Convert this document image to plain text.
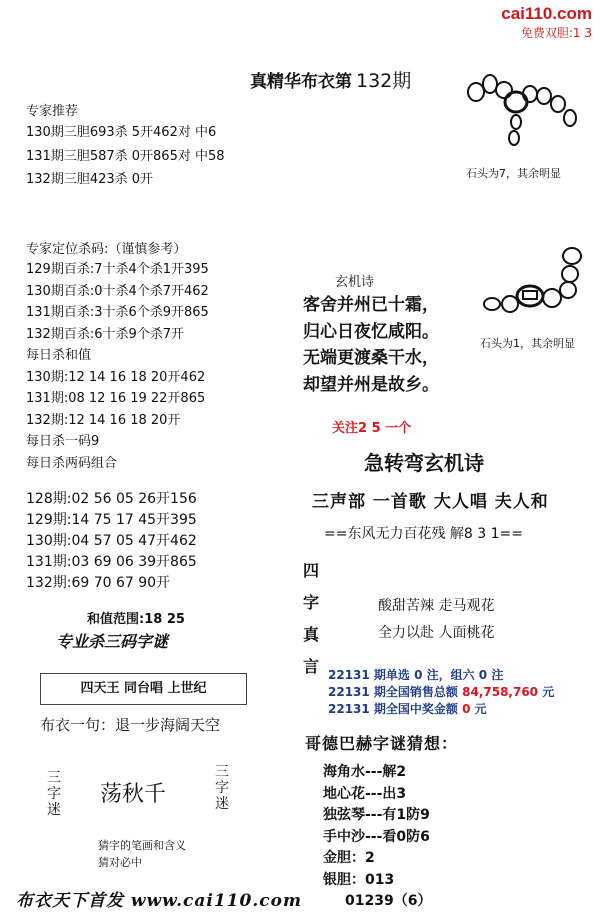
cai110.com
免费双胆:1 3
真精华布衣第 132期
专家推荐
130期三胆693杀 5开462对 中6
131期三胆587杀 0开865对 中58
132期三胆423杀 0开	石头为7，其余明显
专家定位杀码:（谨慎参考）
129期百杀:7十杀4个杀1开395
130期百杀:0十杀4个杀7开462
131期百杀:3十杀6个杀9开865
132期百杀:6十杀9个杀7开
每日杀和值
130期:12 14 16 18 20开462
131期:08 12 16 19 22开865
132期:12 14 16 18 20开
每日杀一码9
每日杀两码组合
128期:02 56 05 26开156
129期:14 75 17 45开395
130期:04 57 05 47开462
131期:03 69 06 39开865
132期:69 70 67 90开
石头为1，其余明显
玄机诗
客舍并州已十霜，
归心日夜忆咸阳。
无端更渡桑干水，
却望并州是故乡。
关注2 5 一个
急转弯玄机诗
三声部 一首歌 大人唱 夫人和
==东风无力百花残 解8 3 1==
四
字
真
言
酸甜苦辣 走马观花
全力以赴 人面桃花
22131 期单选 0 注，组六 0 注
22131 期全国销售总额 84,758,760 元
22131 期全国中奖金额 0 元
哥德巴赫字谜猜想：
海角水---解2
地心花---出3
独弦琴---有1防9
手中沙---看0防6
金胆：2
银胆：013
01239（6）
和值范围:18 25
专业杀三码字谜
四天王 同台唱 上世纪
布衣一句：退一步海阔天空
三字迷
荡秋千
三字迷
猜字的笔画和含义
猜对必中
布衣天下首发 www.cai110.com
